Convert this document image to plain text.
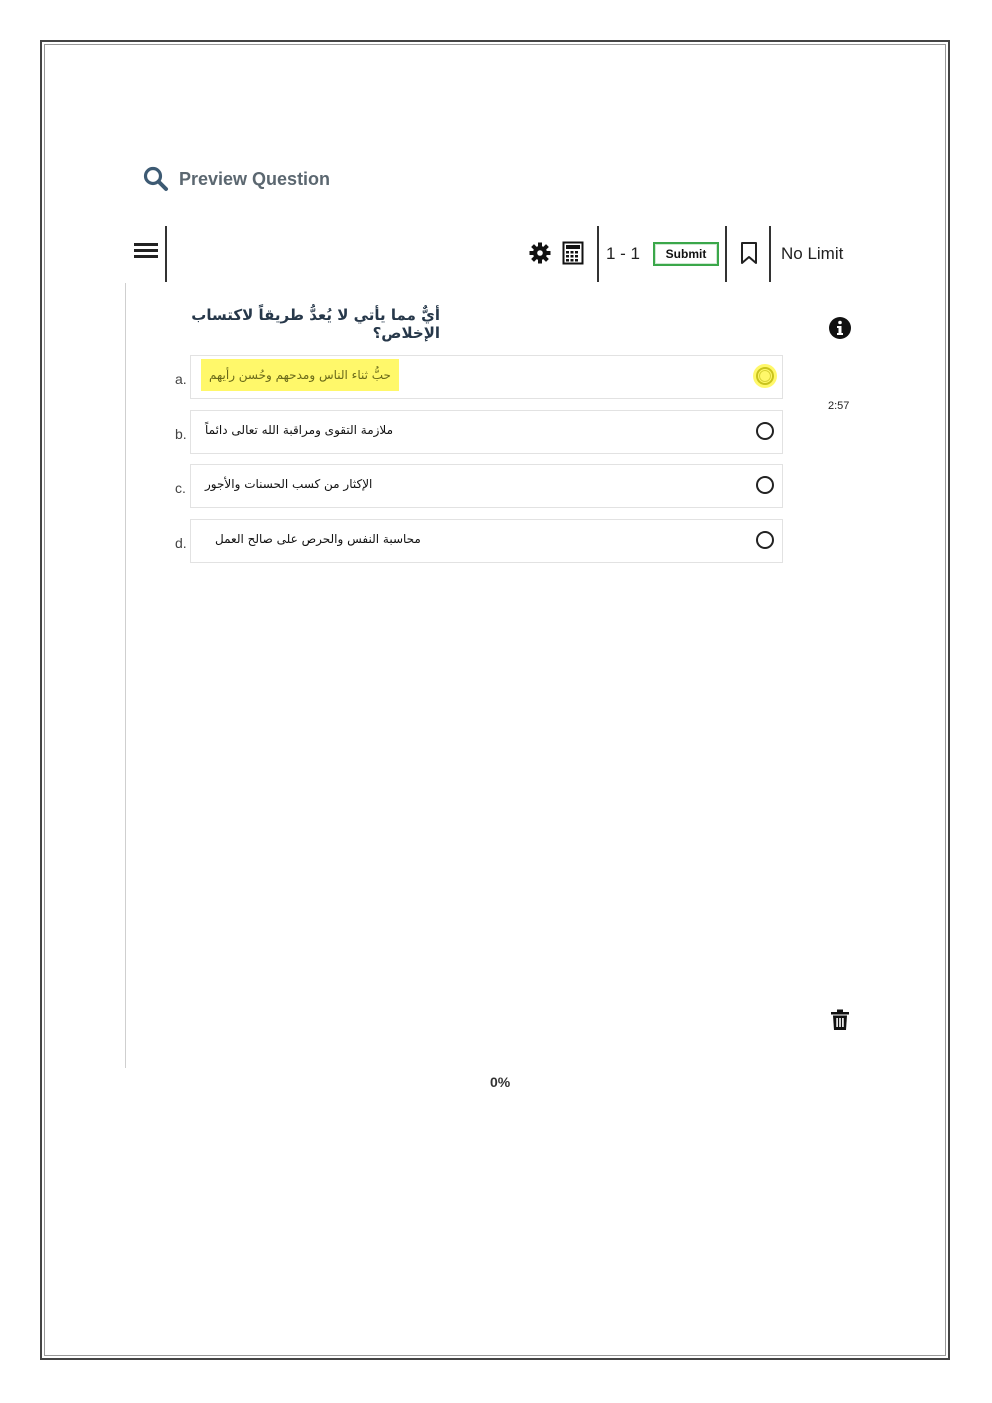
Preview Question
1 - 1	Submit	No Limit
أيٌّ مما يأتي لا يُعدُّ طريقاً لاكتساب الإخلاص؟
2:57
a.	حبُّ ثناء الناس ومدحهم وحُسن رأيهم
b.	ملازمة التقوى ومراقبة الله تعالى دائماً
c.	الإكثار من كسب الحسنات والأجور
d.	محاسبة النفس والحرص على صالح العمل
0%
